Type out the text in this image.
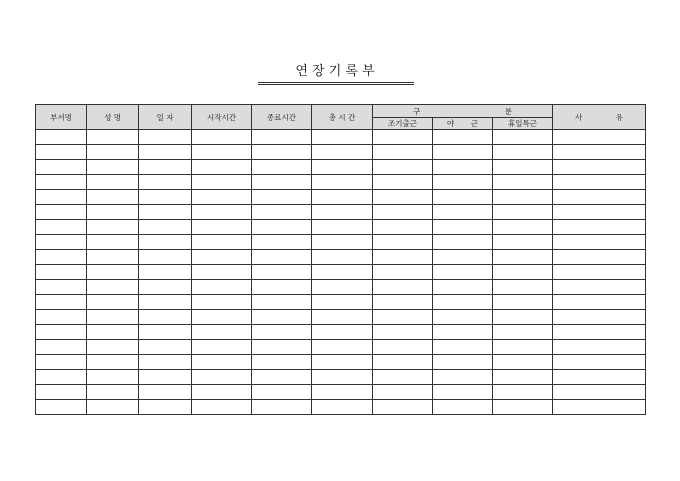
연 장 기 록 부
부서명	성 명	일 자	시작시간	종료시간	총 시 간	구 분			사 유

						조기출근	야 근	휴일특근	
